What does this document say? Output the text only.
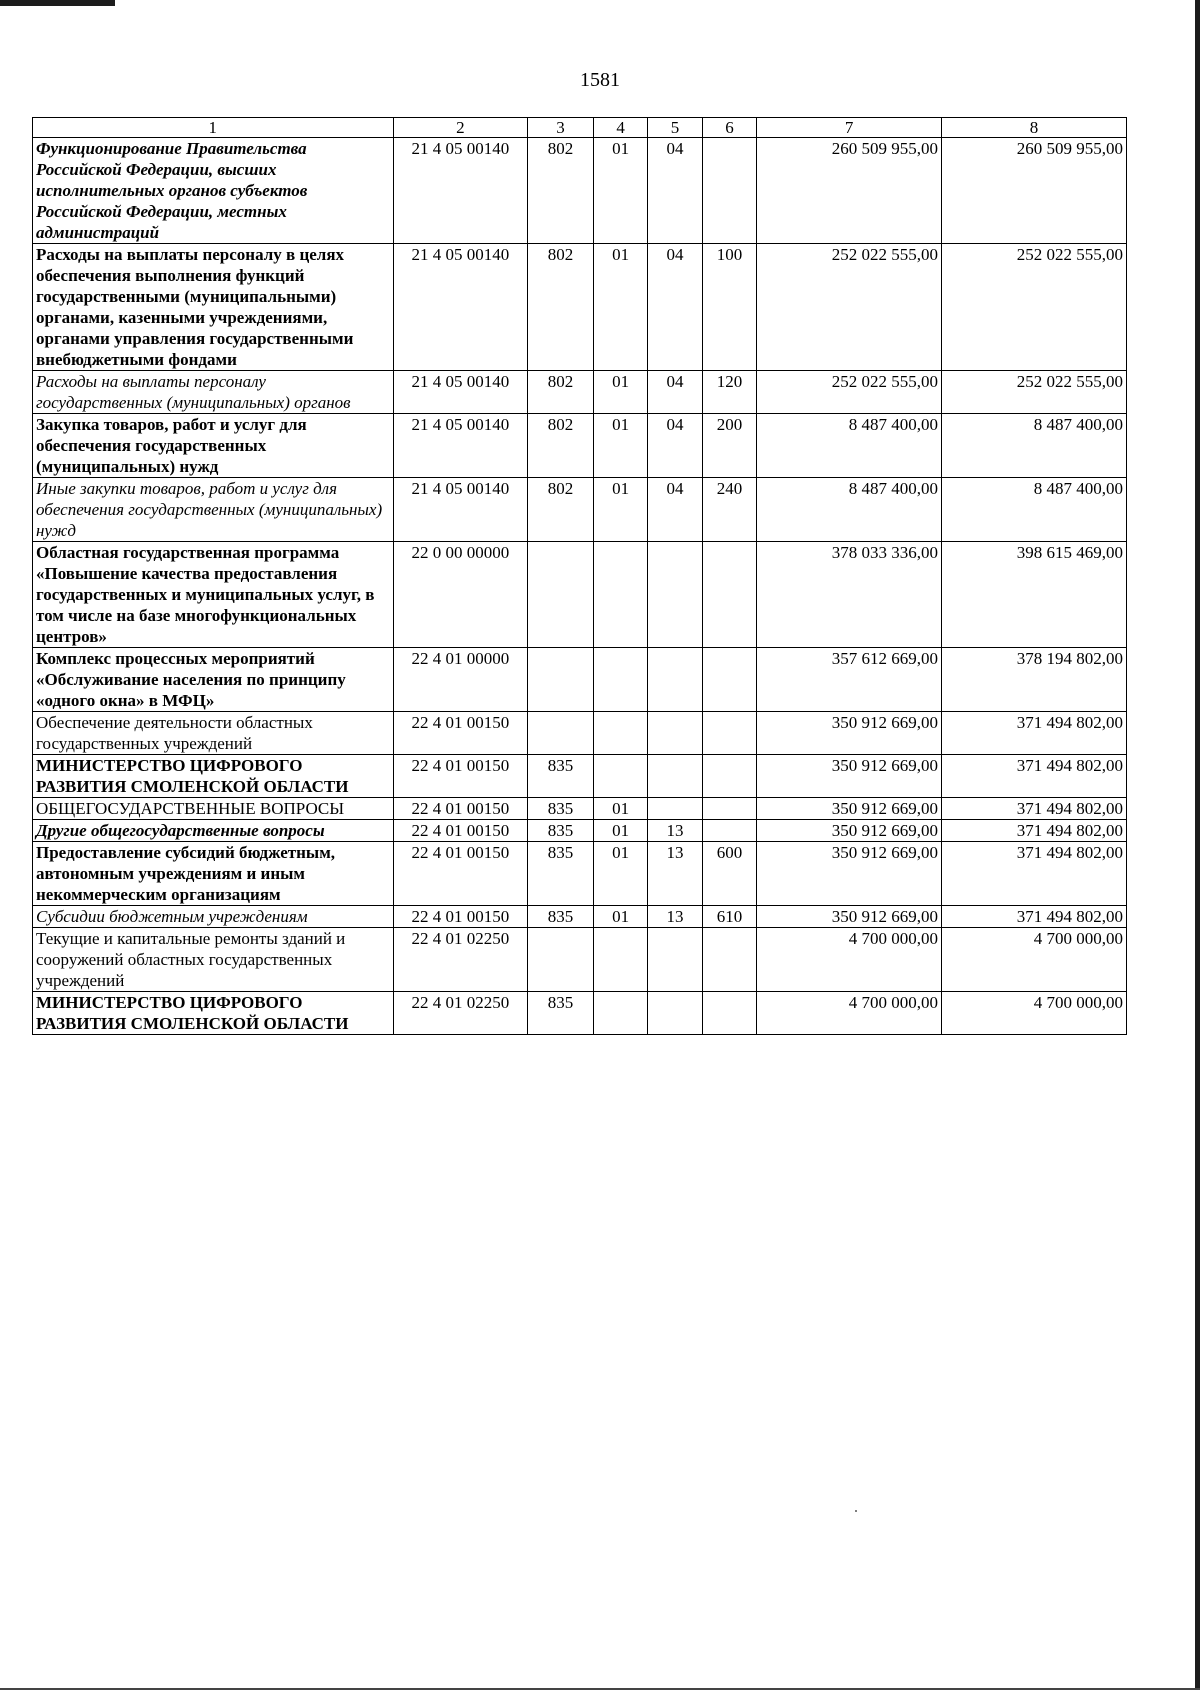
1581
1	2	3	4	5	6	7	8
Функционирование Правительства Российской Федерации, высших исполнительных органов субъектов Российской Федерации, местных администраций	21 4 05 00140	802	01	04		260 509 955,00	260 509 955,00
Расходы на выплаты персоналу в целях обеспечения выполнения функций государственными (муниципальными) органами, казенными учреждениями, органами управления государственными внебюджетными фондами	21 4 05 00140	802	01	04	100	252 022 555,00	252 022 555,00
Расходы на выплаты персоналу государственных (муниципальных) органов	21 4 05 00140	802	01	04	120	252 022 555,00	252 022 555,00
Закупка товаров, работ и услуг для обеспечения государственных (муниципальных) нужд	21 4 05 00140	802	01	04	200	8 487 400,00	8 487 400,00
Иные закупки товаров, работ и услуг для обеспечения государственных (муниципальных) нужд	21 4 05 00140	802	01	04	240	8 487 400,00	8 487 400,00
Областная государственная программа «Повышение качества предоставления государственных и муниципальных услуг, в том числе на базе многофункциональных центров»	22 0 00 00000					378 033 336,00	398 615 469,00
Комплекс процессных мероприятий «Обслуживание населения по принципу «одного окна» в МФЦ»	22 4 01 00000					357 612 669,00	378 194 802,00
Обеспечение деятельности областных государственных учреждений	22 4 01 00150					350 912 669,00	371 494 802,00
МИНИСТЕРСТВО ЦИФРОВОГО РАЗВИТИЯ СМОЛЕНСКОЙ ОБЛАСТИ	22 4 01 00150	835				350 912 669,00	371 494 802,00
ОБЩЕГОСУДАРСТВЕННЫЕ ВОПРОСЫ	22 4 01 00150	835	01			350 912 669,00	371 494 802,00
Другие общегосударственные вопросы	22 4 01 00150	835	01	13		350 912 669,00	371 494 802,00
Предоставление субсидий бюджетным, автономным учреждениям и иным некоммерческим организациям	22 4 01 00150	835	01	13	600	350 912 669,00	371 494 802,00
Субсидии бюджетным учреждениям	22 4 01 00150	835	01	13	610	350 912 669,00	371 494 802,00
Текущие и капитальные ремонты зданий и сооружений областных государственных учреждений	22 4 01 02250					4 700 000,00	4 700 000,00
МИНИСТЕРСТВО ЦИФРОВОГО РАЗВИТИЯ СМОЛЕНСКОЙ ОБЛАСТИ	22 4 01 02250	835				4 700 000,00	4 700 000,00
